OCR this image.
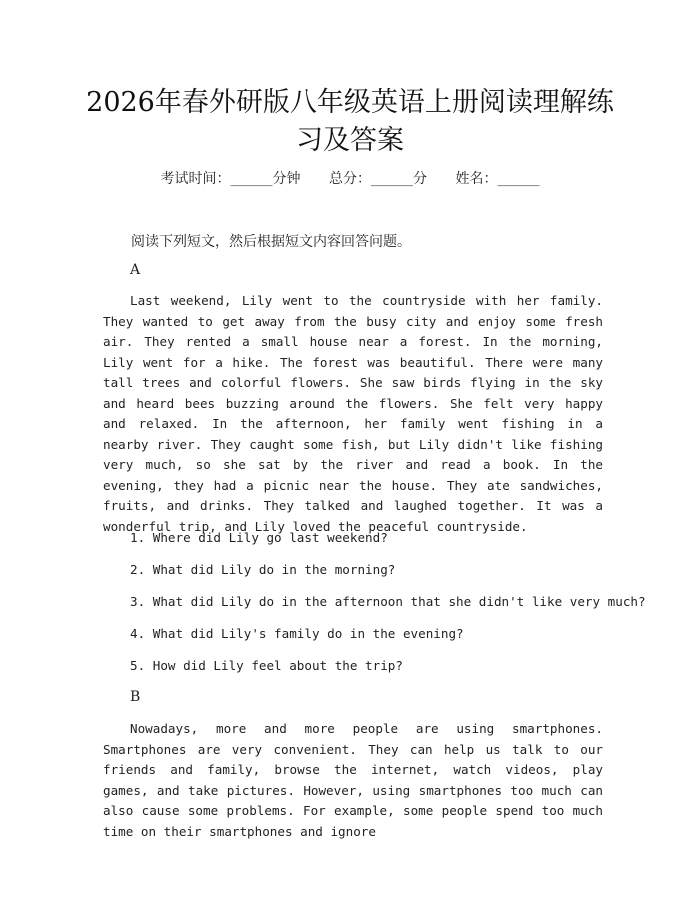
2026年春外研版八年级英语上册阅读理解练习及答案
考试时间：______分钟 总分：______分 姓名：______
阅读下列短文，然后根据短文内容回答问题。
A

Last weekend, Lily went to the countryside with her family. They wanted to get away from the busy city and enjoy some fresh air. They rented a small house near a forest. In the morning, Lily went for a hike. The forest was beautiful. There were many tall trees and colorful flowers. She saw birds flying in the sky and heard bees buzzing around the flowers. She felt very happy and relaxed. In the afternoon, her family went fishing in a nearby river. They caught some fish, but Lily didn't like fishing very much, so she sat by the river and read a book. In the evening, they had a picnic near the house. They ate sandwiches, fruits, and drinks. They talked and laughed together. It was a wonderful trip, and Lily loved the peaceful countryside.

1. Where did Lily go last weekend?
2. What did Lily do in the morning?
3. What did Lily do in the afternoon that she didn't like very much?
4. What did Lily's family do in the evening?
5. How did Lily feel about the trip?
B

Nowadays, more and more people are using smartphones. Smartphones are very convenient. They can help us talk to our friends and family, browse the internet, watch videos, play games, and take pictures. However, using smartphones too much can also cause some problems. For example, some people spend too much time on their smartphones and ignore
